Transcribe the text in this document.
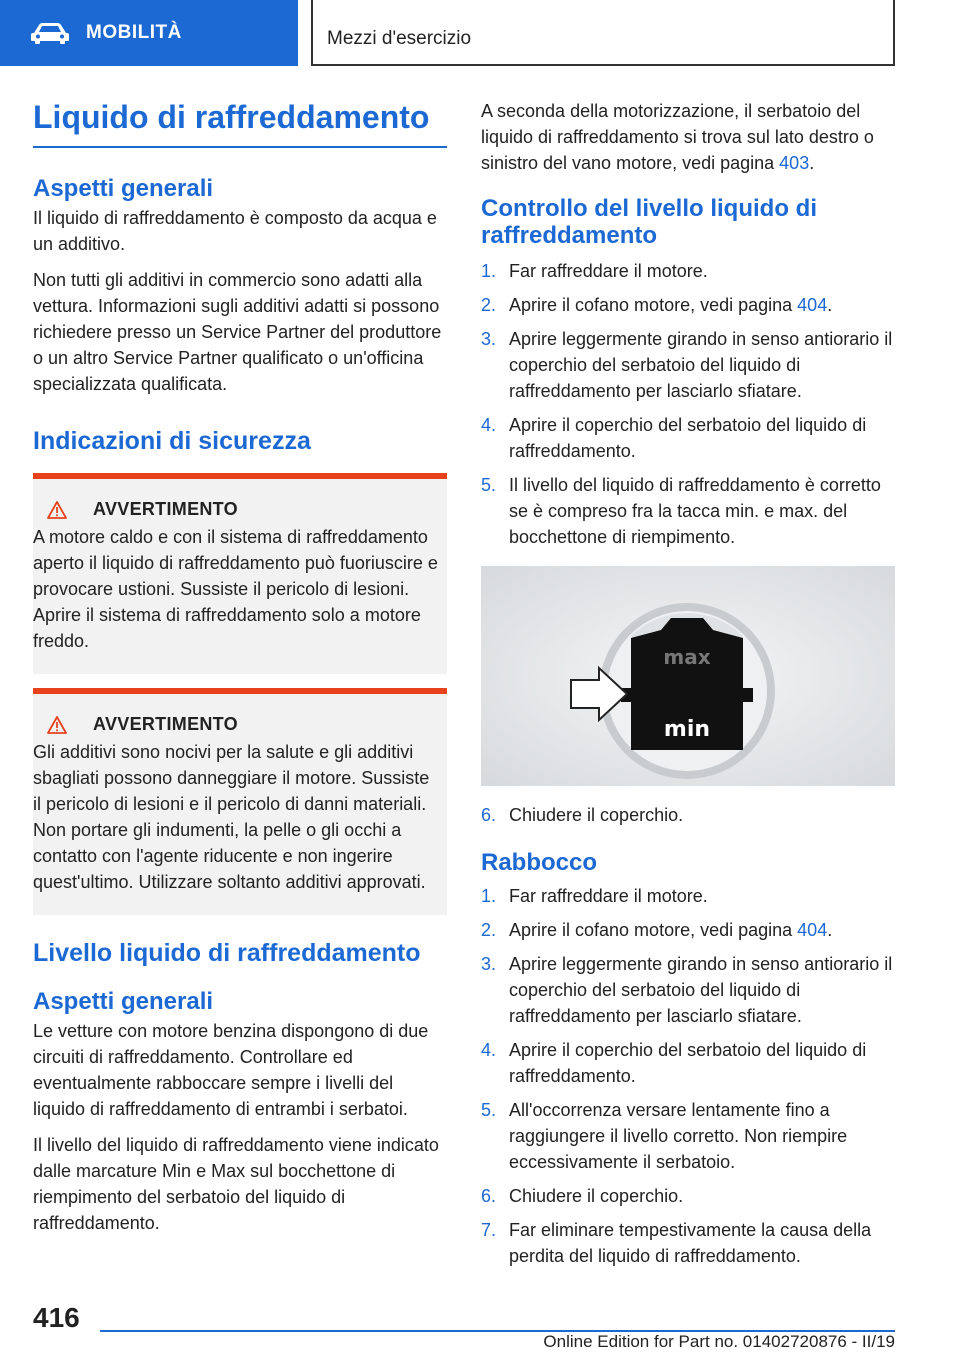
MOBILITÀ	Mezzi d'esercizio
Liquido di raffreddamento
Aspetti generali

Il liquido di raffreddamento è composto da acqua e un additivo.

Non tutti gli additivi in commercio sono adatti alla vettura. Informazioni sugli additivi adatti si possono richiedere presso un Service Partner del produttore o un altro Service Partner qualificato o un'officina specializzata qualificata.

Indicazioni di sicurezza
AVVERTIMENTO

A motore caldo e con il sistema di raffreddamento aperto il liquido di raffreddamento può fuoriuscire e provocare ustioni. Sussiste il pericolo di lesioni. Aprire il sistema di raffreddamento solo a motore freddo.

AVVERTIMENTO

Gli additivi sono nocivi per la salute e gli additivi sbagliati possono danneggiare il motore. Sussiste il pericolo di lesioni e il pericolo di danni materiali. Non portare gli indumenti, la pelle o gli occhi a contatto con l'agente riducente e non ingerire quest'ultimo. Utilizzare soltanto additivi approvati.

Livello liquido di raffreddamento
Aspetti generali

Le vetture con motore benzina dispongono di due circuiti di raffreddamento. Controllare ed eventualmente rabboccare sempre i livelli del liquido di raffreddamento di entrambi i serbatoi.

Il livello del liquido di raffreddamento viene indicato dalle marcature Min e Max sul bocchettone di riempimento del serbatoio del liquido di raffreddamento.

A seconda della motorizzazione, il serbatoio del liquido di raffreddamento si trova sul lato destro o sinistro del vano motore, vedi pagina 403.

Controllo del livello liquido di raffreddamento
1. Far raffreddare il motore.
2. Aprire il cofano motore, vedi pagina 404.
3. Aprire leggermente girando in senso antiorario il coperchio del serbatoio del liquido di raffreddamento per lasciarlo sfiatare.
4. Aprire il coperchio del serbatoio del liquido di raffreddamento.
5. Il livello del liquido di raffreddamento è corretto se è compreso fra la tacca min. e max. del bocchettone di riempimento.
max
min
6. Chiudere il coperchio.
Rabbocco
1. Far raffreddare il motore.
2. Aprire il cofano motore, vedi pagina 404.
3. Aprire leggermente girando in senso antiorario il coperchio del serbatoio del liquido di raffreddamento per lasciarlo sfiatare.
4. Aprire il coperchio del serbatoio del liquido di raffreddamento.
5. All'occorrenza versare lentamente fino a raggiungere il livello corretto. Non riempire eccessivamente il serbatoio.
6. Chiudere il coperchio.
7. Far eliminare tempestivamente la causa della perdita del liquido di raffreddamento.
416
Online Edition for Part no. 01402720876 - II/19
